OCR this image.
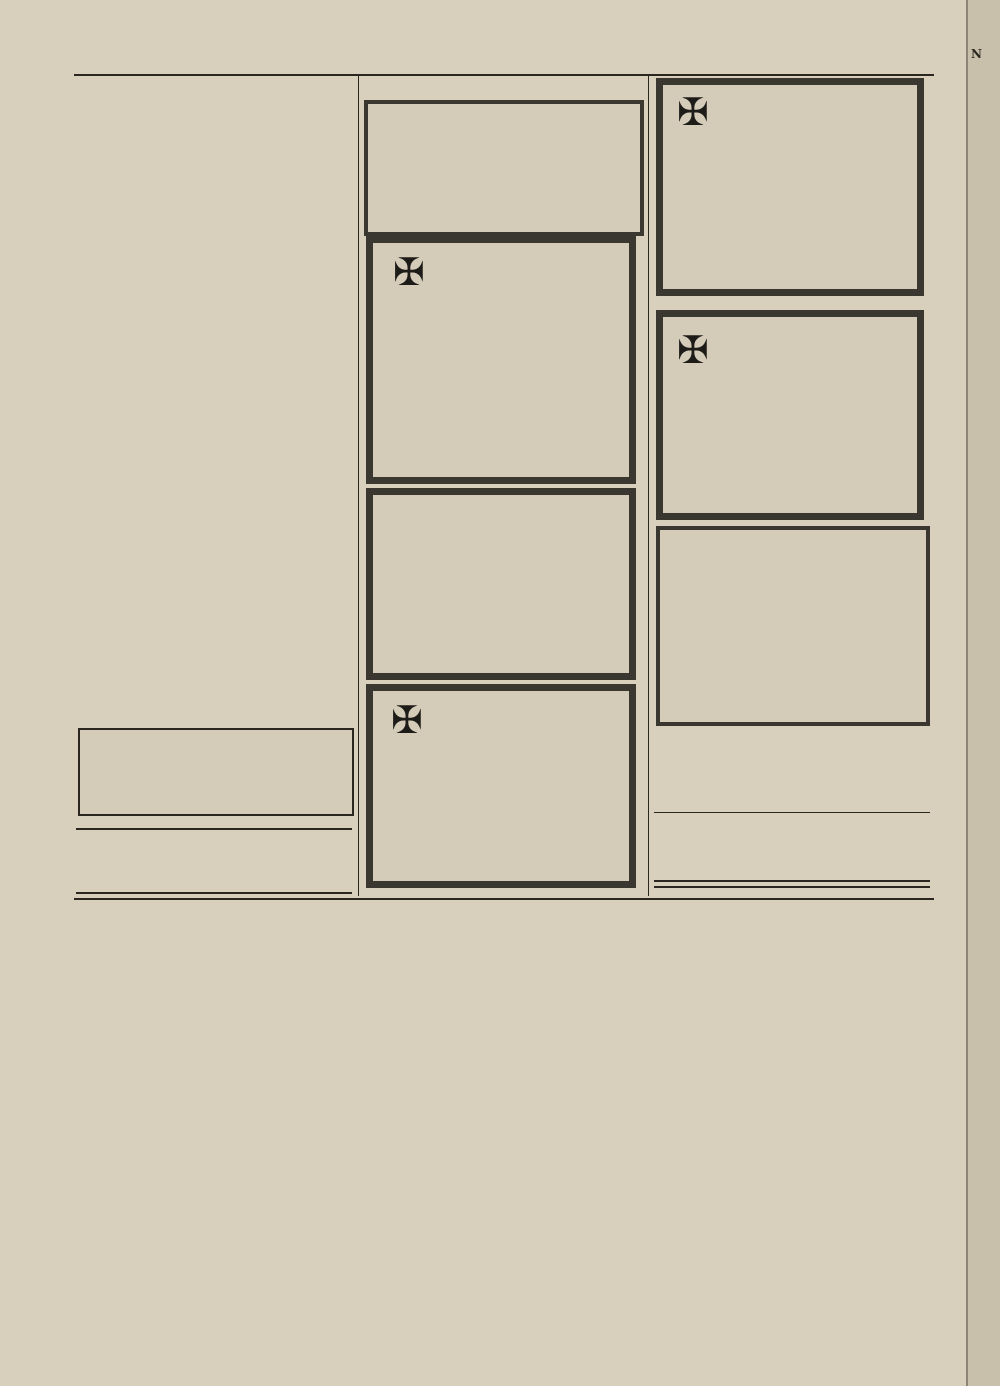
✠
✠
✠
✠
N
